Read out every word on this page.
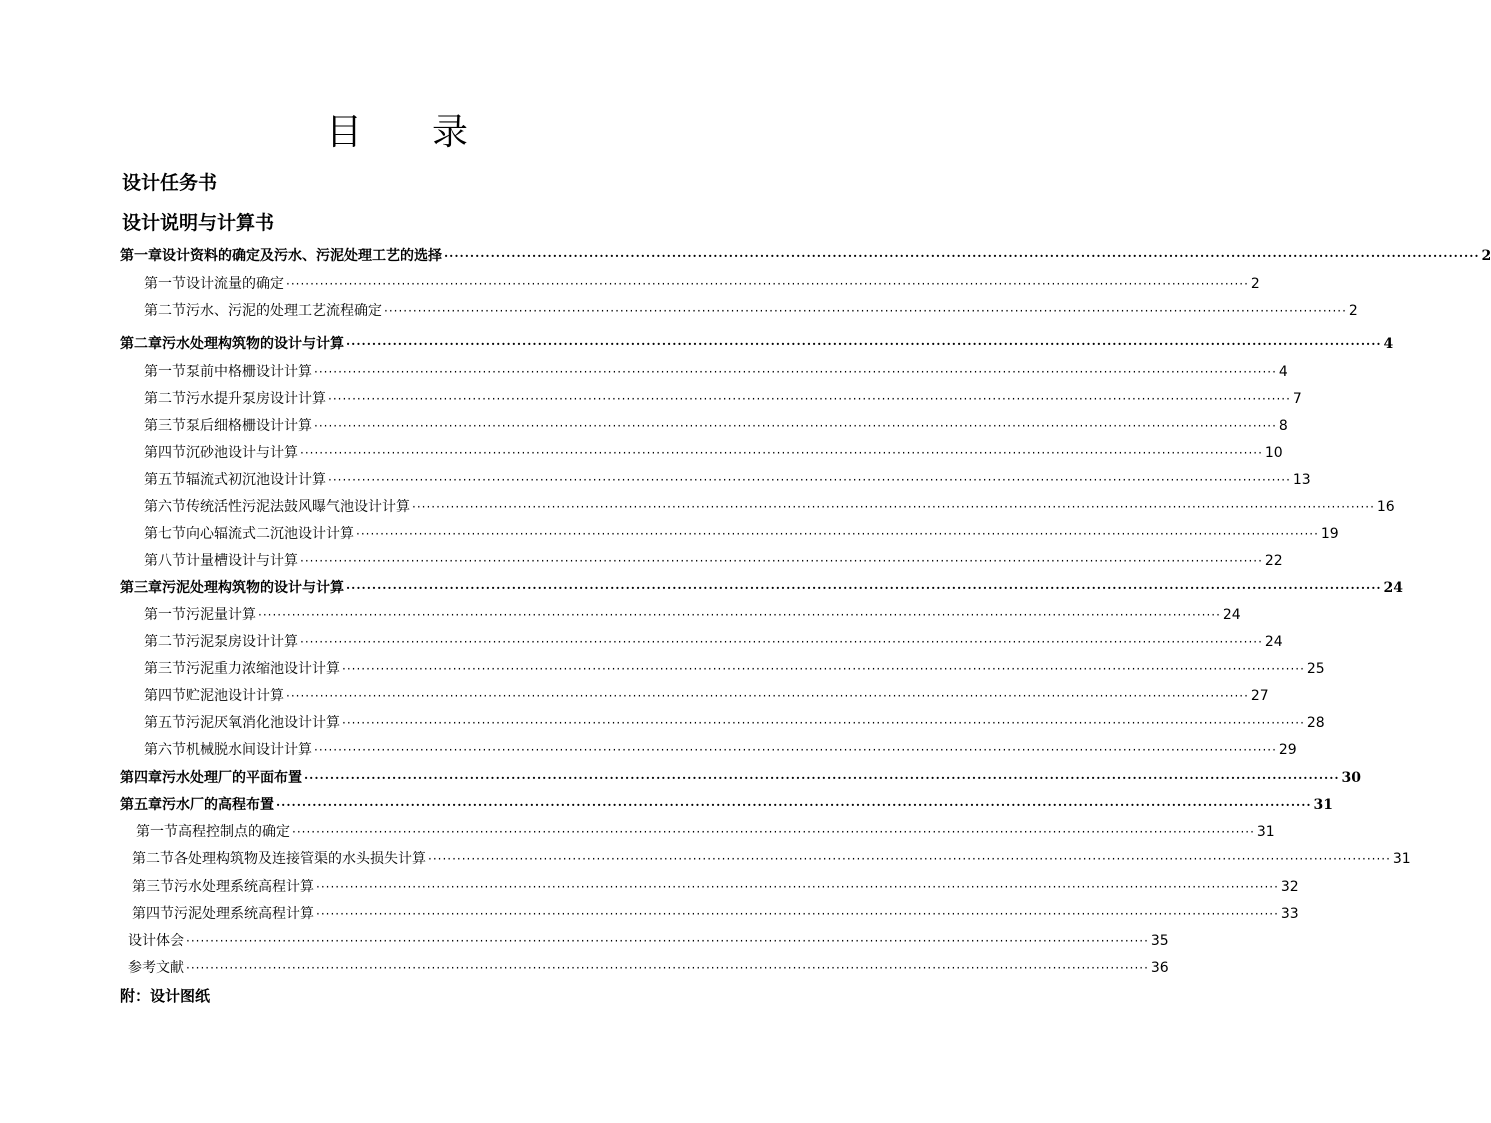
目 录
设计任务书
设计说明与计算书
第一章 设计资料的确定及污水、污泥处理工艺的选择 ········································································································································································································ 2
第一节 设计流量的确定 ········································································································································································································ 2
第二节 污水、污泥的处理工艺流程确定 ········································································································································································································ 2
第二章 污水处理构筑物的设计与计算 ········································································································································································································ 4
第一节 泵前中格栅设计计算 ········································································································································································································ 4
第二节 污水提升泵房设计计算 ········································································································································································································ 7
第三节 泵后细格栅设计计算 ········································································································································································································ 8
第四节 沉砂池设计与计算 ········································································································································································································ 10
第五节 辐流式初沉池设计计算 ········································································································································································································ 13
第六节 传统活性污泥法鼓风曝气池设计计算 ········································································································································································································ 16
第七节 向心辐流式二沉池设计计算 ········································································································································································································ 19
第八节 计量槽设计与计算 ········································································································································································································ 22
第三章 污泥处理构筑物的设计与计算 ········································································································································································································ 24
第一节 污泥量计算 ········································································································································································································ 24
第二节 污泥泵房设计计算 ········································································································································································································ 24
第三节 污泥重力浓缩池设计计算 ········································································································································································································ 25
第四节 贮泥池设计计算 ········································································································································································································ 27
第五节 污泥厌氧消化池设计计算 ········································································································································································································ 28
第六节 机械脱水间设计计算 ········································································································································································································ 29
第四章 污水处理厂的平面布置 ········································································································································································································ 30
第五章 污水厂的高程布置 ········································································································································································································ 31
第一节 高程控制点的确定 ········································································································································································································ 31
第二节 各处理构筑物及连接管渠的水头损失计算 ········································································································································································································ 31
第三节 污水处理系统高程计算 ········································································································································································································ 32
第四节 污泥处理系统高程计算 ········································································································································································································ 33
设计体会 ········································································································································································································ 35
参考文献 ········································································································································································································ 36
附：设计图纸
